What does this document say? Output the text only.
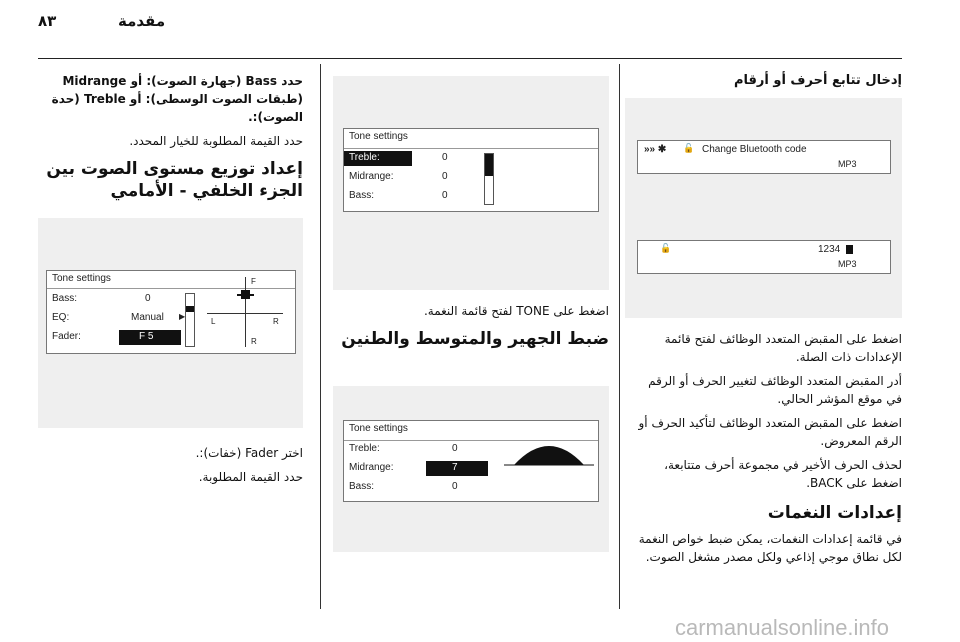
٨٣	مقدمة
إدخال تتابع أحرف أو أرقام
»» ✱ 🔓 Change Bluetooth code
MP3
🔓	1234
MP3

اضغط على المقبض المتعدد الوظائف لفتح قائمة الإعدادات ذات الصلة.

أدر المقبض المتعدد الوظائف لتغيير الحرف أو الرقم في موقع المؤشر الحالي.

اضغط على المقبض المتعدد الوظائف لتأكيد الحرف أو الرقم المعروض.

لحذف الحرف الأخير في مجموعة أحرف متتابعة، اضغط على BACK.

إعدادات النغمات

في قائمة إعدادات النغمات، يمكن ضبط خواص النغمة لكل نطاق موجي إذاعي ولكل مصدر مشغل الصوت.

Tone settings
Treble:	0
Midrange:	0
Bass:	0

اضغط على TONE لفتح قائمة النغمة.

ضبط الجهير والمتوسط والطنين
Tone settings
Treble:	0
Midrange:	7
Bass:	0

حدد Bass (جهارة الصوت): أو Midrange (طبقات الصوت الوسطى): أو Treble (حدة الصوت):.

حدد القيمة المطلوبة للخيار المحدد.

إعداد توزيع مستوى الصوت بين الجزء الخلفي - الأمامي
Tone settings
Bass:	0
EQ:	Manual ▶
Fader:	F 5
F
L	R
R

اختر Fader (خفات):.

حدد القيمة المطلوبة.

carmanualsonline.info
